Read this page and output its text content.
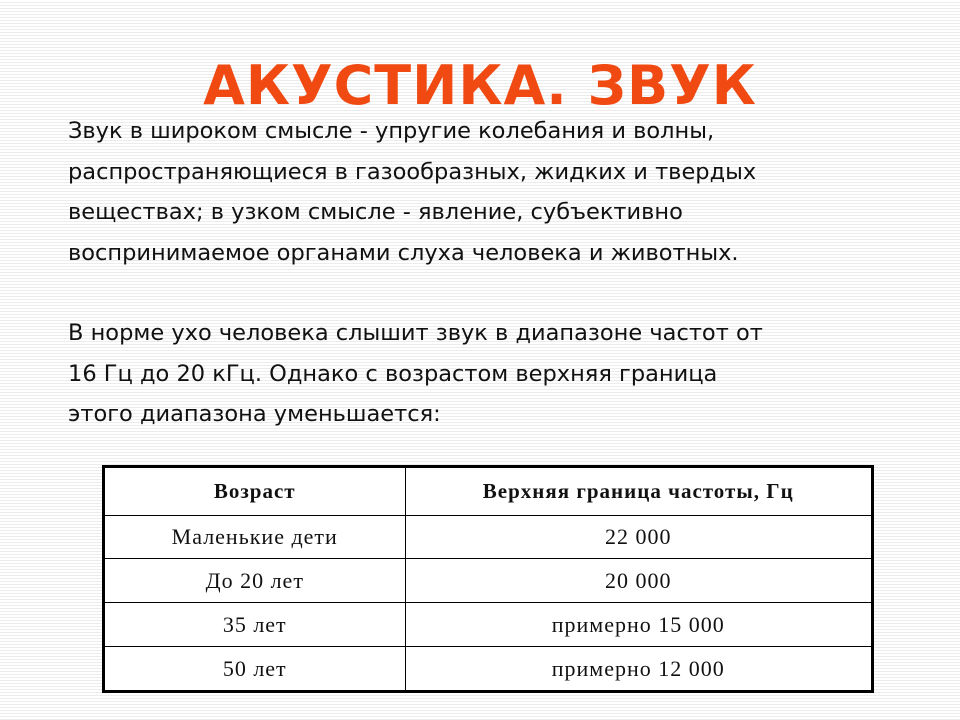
АКУСТИКА. ЗВУК

Звук в широком смысле - упругие колебания и волны,
распространяющиеся в газообразных, жидких и твердых
веществах; в узком смысле - явление, субъективно
воспринимаемое органами слуха человека и животных.

В норме ухо человека слышит звук в диапазоне частот от
16 Гц до 20 кГц. Однако с возрастом верхняя граница
этого диапазона уменьшается:

Возраст	Верхняя граница частоты, Гц
Маленькие дети	22 000
До 20 лет	20 000
35 лет	примерно 15 000
50 лет	примерно 12 000
